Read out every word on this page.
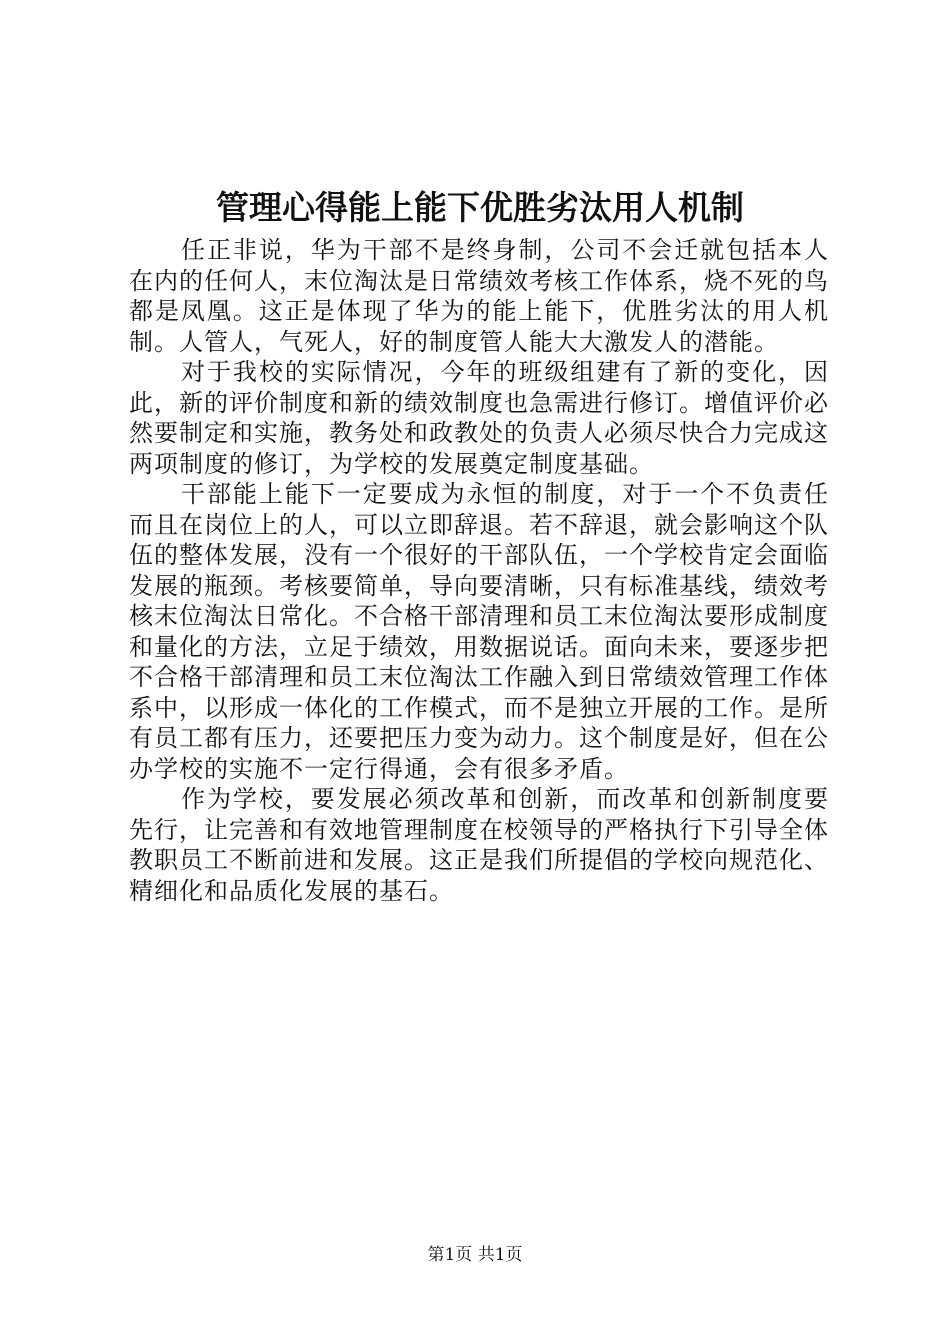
管理心得能上能下优胜劣汰用人机制

任正非说，华为干部不是终身制，公司不会迁就包括本人在内的任何人，末位淘汰是日常绩效考核工作体系，烧不死的鸟都是凤凰。这正是体现了华为的能上能下，优胜劣汰的用人机制。人管人，气死人，好的制度管人能大大激发人的潜能。

对于我校的实际情况，今年的班级组建有了新的变化，因此，新的评价制度和新的绩效制度也急需进行修订。增值评价必然要制定和实施，教务处和政教处的负责人必须尽快合力完成这两项制度的修订，为学校的发展奠定制度基础。

干部能上能下一定要成为永恒的制度，对于一个不负责任而且在岗位上的人，可以立即辞退。若不辞退，就会影响这个队伍的整体发展，没有一个很好的干部队伍，一个学校肯定会面临发展的瓶颈。考核要简单，导向要清晰，只有标准基线，绩效考核末位淘汰日常化。不合格干部清理和员工末位淘汰要形成制度和量化的方法，立足于绩效，用数据说话。面向未来，要逐步把不合格干部清理和员工末位淘汰工作融入到日常绩效管理工作体系中，以形成一体化的工作模式，而不是独立开展的工作。是所有员工都有压力，还要把压力变为动力。这个制度是好，但在公办学校的实施不一定行得通，会有很多矛盾。

作为学校，要发展必须改革和创新，而改革和创新制度要先行，让完善和有效地管理制度在校领导的严格执行下引导全体教职员工不断前进和发展。这正是我们所提倡的学校向规范化、精细化和品质化发展的基石。

第1页 共1页
